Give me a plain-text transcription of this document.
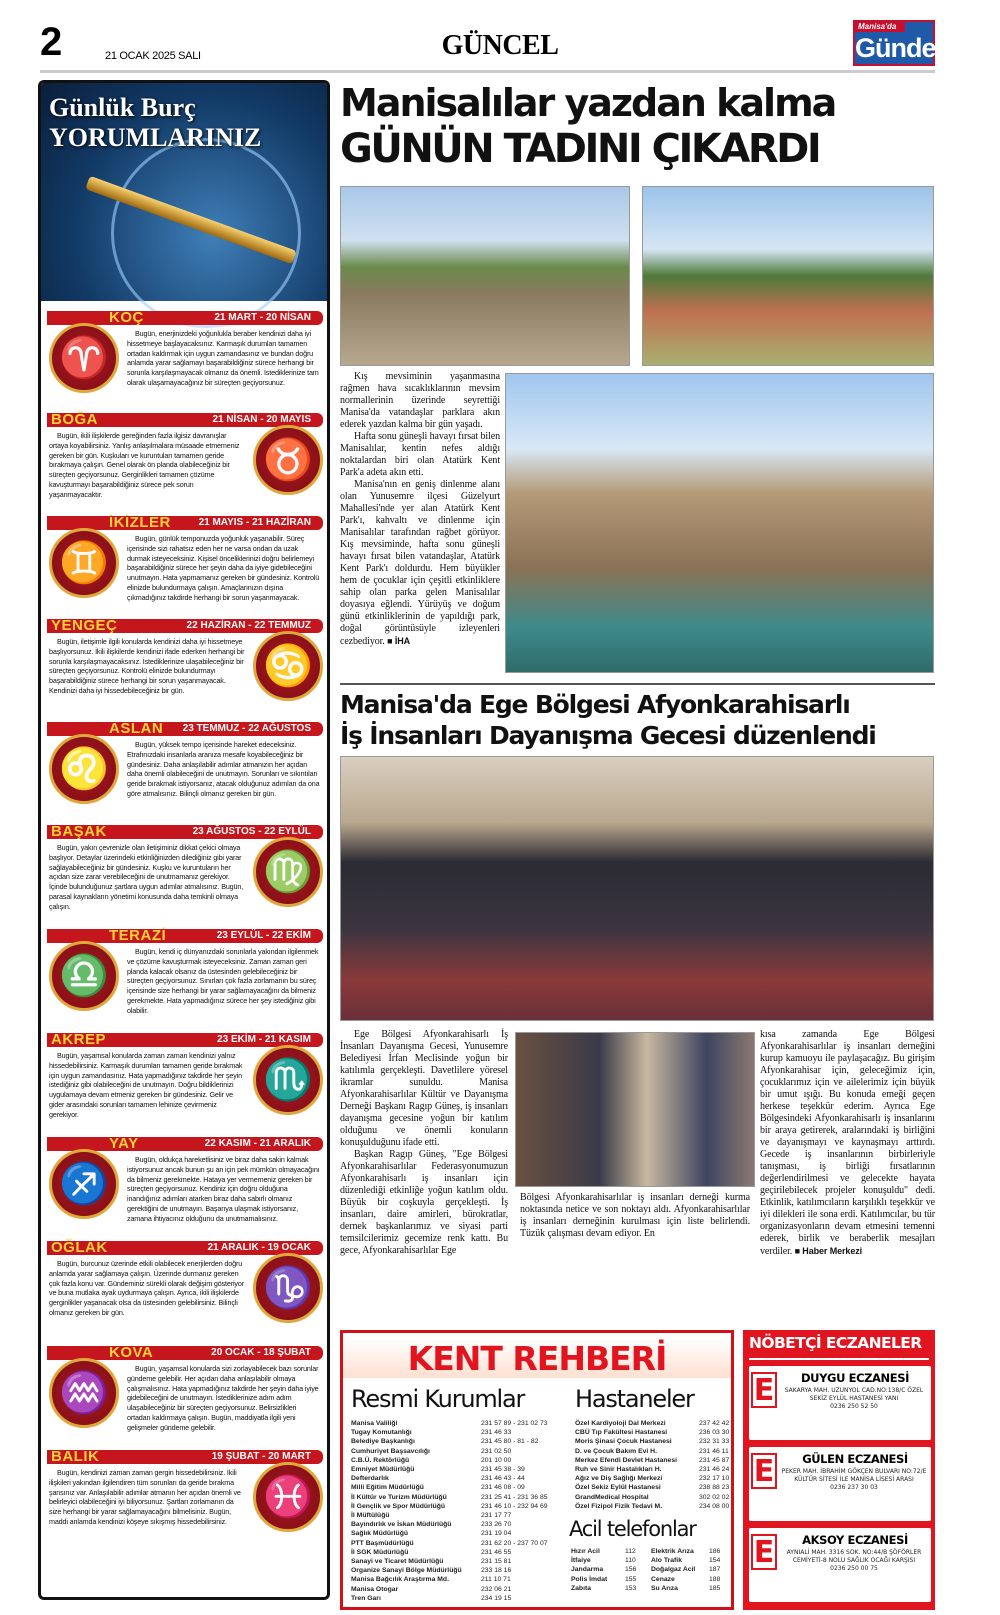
2	21 OCAK 2025 SALI	GÜNCEL
Manisa'da
Gündem
Günlük Burç
YORUMLARINIZ
KOÇ	21 MART - 20 NİSAN
♈
Bugün, enerjinizdeki yoğunlukla beraber kendinizi daha iyi hissetmeye başlayacaksınız. Karmaşık durumları tamamen ortadan kaldırmak için uygun zamandasınız ve bundan doğru anlamda yarar sağlamayı başarabildiğiniz sürece herhangi bir sorunla karşılaşmayacak olmanız da önemli. İstediklerinize tam olarak ulaşamayacağınız bir süreçten geçiyorsunuz.
BOĞA	21 NİSAN - 20 MAYIS
♉
Bugün, ikili ilişkilerde gereğinden fazla ilgisiz davranışlar ortaya koyabilirsiniz. Yanlış anlaşılmalara müsaade etmemeniz gereken bir gün. Kuşkuları ve kuruntuları tamamen geride bırakmaya çalışın. Genel olarak ön planda olabileceğiniz bir süreçten geçiyorsunuz. Gerginlikleri tamamen çözüme kavuşturmayı başarabildiğiniz sürece pek sorun yaşanmayacaktır.
İKİZLER	21 MAYIS - 21 HAZİRAN
♊
Bugün, günlük temponuzda yoğunluk yaşanabilir. Süreç içerisinde sizi rahatsız eden her ne varsa ondan da uzak durmak isteyeceksiniz. Kişisel önceliklerinizi doğru belirlemeyi başarabildiğiniz sürece her şeyin daha da iyiye gidebileceğini unutmayın. Hata yapmamanız gereken bir gündesiniz. Kontrolü elinizde bulundurmaya çalışın. Amaçlarınızın dışına çıkmadığınız takdirde herhangi bir sorun yaşanmayacak.
YENGEÇ	22 HAZİRAN - 22 TEMMUZ
♋
Bugün, iletişimle ilgili konularda kendinizi daha iyi hissetmeye başlıyorsunuz. İkili ilişkilerde kendinizi ifade ederken herhangi bir sorunla karşılaşmayacaksınız. İstediklerinize ulaşabileceğiniz bir süreçten geçiyorsunuz. Kontrolü elinizde bulundurmayı başarabildiğiniz sürece herhangi bir sorun yaşanmayacak. Kendinizi daha iyi hissedebileceğiniz bir gün.
ASLAN 23 TEMMUZ - 22 AĞUSTOS
♌
Bugün, yüksek tempo içerisinde hareket edeceksiniz. Etrafınızdaki insanlarla aranıza mesafe koyabileceğiniz bir gündesiniz. Daha anlaşılabilir adımlar atmanızın her açıdan daha önemli olabileceğini de unutmayın. Sorunları ve sıkıntıları geride bırakmak istiyorsanız, atacak olduğunuz adımları da ona göre atmalısınız. Bilinçli olmanız gereken bir gün.
BAŞAK	23 AĞUSTOS - 22 EYLÜL
♍
Bugün, yakın çevrenizle olan iletişiminiz dikkat çekici olmaya başlıyor. Detaylar üzerindeki etkinliğinizden dilediğiniz gibi yarar sağlayabileceğiniz bir gündesiniz. Kuşku ve kuruntuların her açıdan size zarar verebileceğini de unutmamanız gerekiyor. İçinde bulunduğunuz şartlara uygun adımlar atmalısınız. Bugün, parasal kaynakların yönetimi konusunda daha temkinli olmaya çalışın.
TERAZİ	23 EYLÜL - 22 EKİM
♎
Bugün, kendi iç dünyanızdaki sorunlarla yakından ilgilenmek ve çözüme kavuşturmak isteyeceksiniz. Zaman zaman geri planda kalacak olsanız da üstesinden gelebileceğiniz bir süreçten geçiyorsunuz. Sınırları çok fazla zorlamanın bu süreç içerisinde size herhangi bir yarar sağlamayacağını da bilmeniz gerekmekte. Hata yapmadığınız sürece her şey istediğiniz gibi olabilir.
AKREP	23 EKİM - 21 KASIM
♏
Bugün, yaşamsal konularda zaman zaman kendinizi yalnız hissedebilirsiniz. Karmaşık durumları tamamen geride bırakmak için uygun zamandasınız. Hata yapmadığınız takdirde her şeyin istediğiniz gibi olabileceğini de unutmayın. Doğru bildiklerinizi uygulamaya devam etmeniz gereken bir gündesiniz. Gelir ve gider arasındaki sorunları tamamen lehinize çevirmeniz gerekiyor.
YAY	22 KASIM - 21 ARALIK
♐
Bugün, oldukça hareketlisiniz ve biraz daha sakin kalmak istiyorsunuz ancak bunun şu an için pek mümkün olmayacağını da bilmeniz gerekmekte. Hataya yer vermemeniz gereken bir süreçten geçiyorsunuz. Kendiniz için doğru olduğuna inandığınız adımları atarken biraz daha sabırlı olmanız gerektiğini de unutmayın. Başarıya ulaşmak istiyorsanız, zamana ihtiyacınız olduğunu da unutmamalısınız.
OĞLAK	21 ARALIK - 19 OCAK
♑
Bugün, burcunuz üzerinde etkili olabilecek enerjilerden doğru anlamda yarar sağlamaya çalışın. Üzerinde durmanız gereken çok fazla konu var. Gündeminiz sürekli olarak değişim gösteriyor ve buna mutlaka ayak uydurmaya çalışın. Ayrıca, ikili ilişkilerde gerginlikler yaşanacak olsa da üstesinden gelebilirsiniz. Bilinçli olmanız gereken bir gün.
KOVA	20 OCAK - 18 ŞUBAT
♒
Bugün, yaşamsal konularda sizi zorlayabilecek bazı sorunlar gündeme gelebilir. Her açıdan daha anlaşılabilir olmaya çalışmalısınız. Hata yapmadığınız takdirde her şeyin daha iyiye gidebileceğini de unutmayın. İstediklerinize adım adım ulaşabileceğiniz bir süreçten geçiyorsunuz. Belirsizlikleri ortadan kaldırmaya çalışın. Bugün, maddiyatla ilgili yeni gelişmeler gündeme gelebilir.
BALIK	19 ŞUBAT - 20 MART
♓
Bugün, kendinizi zaman zaman gergin hissedebilirsiniz. İkili ilişkileri yakından ilgilendiren tüm sorunları da geride bırakma şansınız var. Anlaşılabilir adımlar atmanın her açıdan önemli ve belirleyici olabileceğini iyi biliyorsunuz. Şartları zorlamanın da size herhangi bir yarar sağlamayacağını bilmelisiniz. Bugün, maddi anlamda kendinizi köşeye sıkışmış hissedebilirsiniz.
Manisalılar yazdan kalma
GÜNÜN TADINI ÇIKARDI

Kış mevsiminin yaşanmasına rağmen hava sıcaklıklarının mevsim normallerinin üzerinde seyrettiği Manisa'da vatandaşlar parklara akın ederek yazdan kalma bir gün yaşadı.

Hafta sonu güneşli havayı fırsat bilen Manisalılar, kentin nefes aldığı noktalardan biri olan Atatürk Kent Park'a adeta akın etti.

Manisa'nın en geniş dinlenme alanı olan Yunusemre ilçesi Güzelyurt Mahallesi'nde yer alan Atatürk Kent Park'ı, kahvaltı ve dinlenme için Manisalılar tarafından rağbet görüyor. Kış mevsiminde, hafta sonu güneşli havayı fırsat bilen vatandaşlar, Atatürk Kent Park'ı doldurdu. Hem büyükler hem de çocuklar için çeşitli etkinliklere sahip olan parka gelen Manisalılar doyasıya eğlendi. Yürüyüş ve doğum günü etkinliklerinin de yapıldığı park, doğal görüntüsüyle izleyenleri cezbediyor. ■ İHA

Manisa'da Ege Bölgesi Afyonkarahisarlı
İş İnsanları Dayanışma Gecesi düzenlendi

Ege Bölgesi Afyonkarahisarlı İş İnsanları Dayanışma Gecesi, Yunusemre Belediyesi İrfan Meclisinde yoğun bir katılımla gerçekleşti. Davetlilere yöresel ikramlar sunuldu. Manisa Afyonkarahisarlılar Kültür ve Dayanışma Derneği Başkanı Ragıp Güneş, iş insanları dayanışma gecesine yoğun bir katılım olduğunu ve önemli konuların konuşulduğunu ifade etti.

Başkan Ragıp Güneş, "Ege Bölgesi Afyonkarahisarlılar Federasyonumuzun Afyonkarahisarlı iş insanları için düzenlediği etkinliğe yoğun katılım oldu. Büyük bir coşkuyla gerçekleşti. İş insanları, daire amirleri, bürokratlar, dernek başkanlarımız ve siyasi parti temsilcilerimiz gecemize renk kattı. Bu gece, Afyonkarahisarlılar Ege

Bölgesi Afyonkarahisarlılar iş insanları derneği kurma noktasında netice ve son noktayı aldı. Afyonkarahisarlılar iş insanları derneğinin kurulması için liste belirlendi. Tüzük çalışması devam ediyor. En
kısa zamanda Ege Bölgesi Afyonkarahisarlılar iş insanları derneğini kurup kamuoyu ile paylaşacağız. Bu girişim Afyonkarahisar için, geleceğimiz için, çocuklarımız için ve ailelerimiz için büyük bir umut ışığı. Bu konuda emeği geçen herkese teşekkür ederim. Ayrıca Ege Bölgesindeki Afyonkarahisarlı iş insanlarını bir araya getirerek, aralarındaki iş birliğini ve dayanışmayı ve kaynaşmayı arttırdı. Gecede iş insanlarının birbirleriyle tanışması, iş birliği fırsatlarının değerlendirilmesi ve gelecekte hayata geçirilebilecek projeler konuşuldu" dedi. Etkinlik, katılımcıların karşılıklı teşekkür ve iyi dilekleri ile sona erdi. Katılımcılar, bu tür organizasyonların devam etmesini temenni ederek, birlik ve beraberlik mesajları verdiler. ■ Haber Merkezi
KENT REHBERİ
Resmi Kurumlar Hastaneler
Acil telefonlar
Manisa Valiliği	231 57 89 - 231 02 73
Tugay Komutanlığı	231 46 33
Belediye Başkanlığı	231 45 80 - 81 - 82
Cumhuriyet Başsavcılığı	231 02 50
C.B.Ü. Rektörlüğü	201 10 00
Emniyet Müdürlüğü	231 45 38 - 39
Defterdarlık	231 46 43 - 44
Milli Eğitim Müdürlüğü	231 46 08 - 09
İl Kültür ve Turizm Müdürlüğü	231 25 41 - 231 36 85
İl Gençlik ve Spor Müdürlüğü	231 46 10 - 232 94 69
İl Müftülüğü	231 17 77
Bayındırlık ve İskan Müdürlüğü	233 26 70
Sağlık Müdürlüğü	231 19 04
PTT Başmüdürlüğü	231 62 20 - 237 70 07
İl SGK Müdürlüğü	231 46 55
Sanayi ve Ticaret Müdürlüğü	231 15 81
Organize Sanayi Bölge Müdürlüğü	233 18 16
Manisa Bağcılık Araştırma Md.	211 10 71
Manisa Otogar	232 06 21
Tren Garı	234 19 15
Özel Kardiyoloji Dal Merkezi	237 42 42
CBÜ Tıp Fakültesi Hastanesi	236 03 30
Moris Şinasi Çocuk Hastanesi	232 31 33
D. ve Çocuk Bakım Evi H.	231 46 11
Merkez Efendi Devlet Hastanesi	231 45 87
Ruh ve Sinir Hastalıkları H.	231 46 24
Ağız ve Diş Sağlığı Merkezi	232 17 10
Özel Sekiz Eylül Hastanesi	238 88 23
GrandMedical Hospital	302 02 02
Özel Fizipol Fizik Tedavi M.	234 08 00
Hızır Acil	112
İtfaiye	110
Jandarma	156
Polis İmdat	155
Zabıta	153
Elektrik Arıza	186
Alo Trafik	154
Doğalgaz Acil	187
Cenaze	188
Su Arıza	185
NÖBETÇİ ECZANELER
E	DUYGU ECZANESİ
SAKARYA MAH. UZUNYOL CAD.NO:138/C ÖZEL SEKİZ EYLÜL HASTANESİ YANI
0236 250 52 50
E	GÜLEN ECZANESİ
PEKER MAH. İBRAHİM GÖKÇEN BULVARI NO:72/E KÜLTÜR SİTESİ İLE MANİSA LİSESİ ARASI
0236 237 30 03
E	AKSOY ECZANESİ
AYNIALİ MAH. 3316 SOK. NO:44/B ŞÖFÖRLER CEMİYETİ-8 NOLU SAĞLIK OCAĞI KARŞISI
0236 250 00 75
